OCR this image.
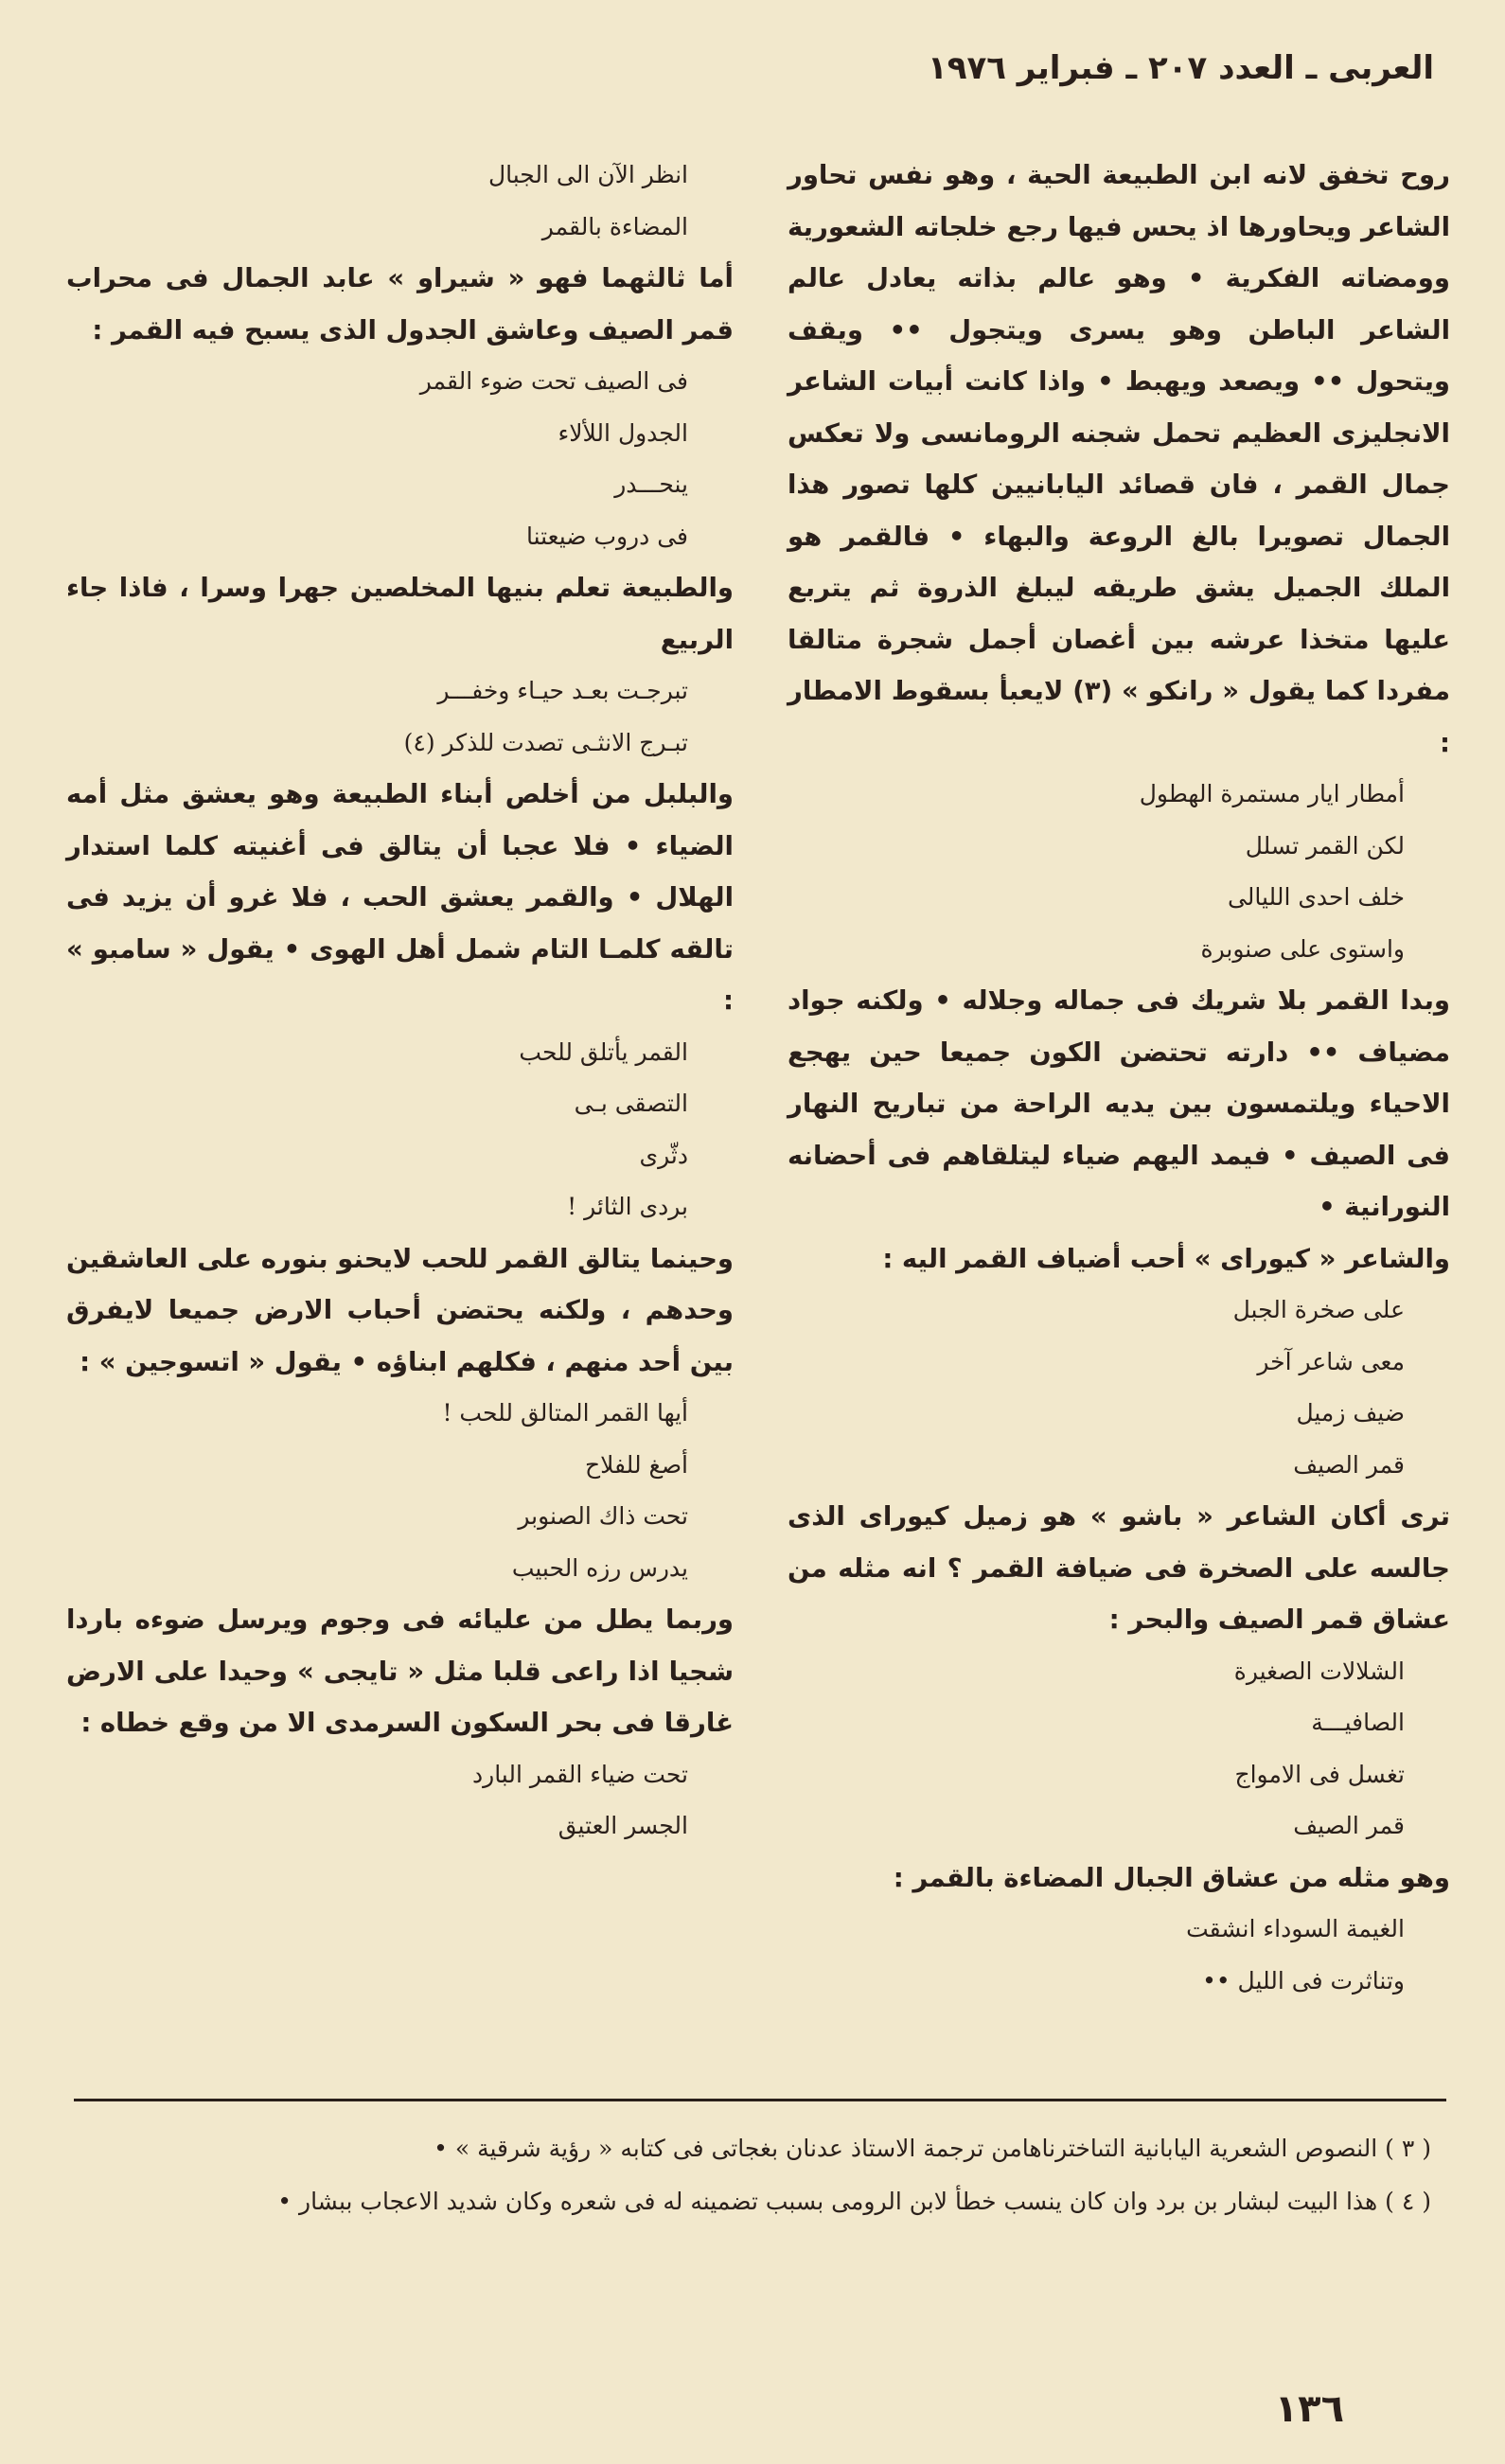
العربى ـ العدد ٢٠٧ ـ فبراير ١٩٧٦

روح تخفق لانه ابن الطبيعة الحية ، وهو نفس تحاور الشاعر ويحاورها اذ يحس فيها رجع خلجاته الشعورية وومضاته الفكرية • وهو عالم بذاته يعادل عالم الشاعر الباطن وهو يسرى ويتجول •• ويقف ويتحول •• ويصعد ويهبط • واذا كانت أبيات الشاعر الانجليزى العظيم تحمل شجنه الرومانسى ولا تعكس جمال القمر ، فان قصائد اليابانيين كلها تصور هذا الجمال تصويرا بالغ الروعة والبهاء • فالقمر هو الملك الجميل يشق طريقه ليبلغ الذروة ثم يتربع عليها متخذا عرشه بين أغصان أجمل شجرة متالقا مفردا كما يقول « رانكو » (٣) لايعبأ بسقوط الامطار :

أمطار ايار مستمرة الهطول

لكن القمر تسلل

خلف احدى الليالى

واستوى على صنوبرة

وبدا القمر بلا شريك فى جماله وجلاله • ولكنه جواد مضياف •• دارته تحتضن الكون جميعا حين يهجع الاحياء ويلتمسون بين يديه الراحة من تباريح النهار فى الصيف • فيمد اليهم ضياء ليتلقاهم فى أحضانه النورانية •

والشاعر « كيوراى » أحب أضياف القمر اليه :

على صخرة الجبل

معى شاعر آخر

ضيف زميل

قمر الصيف

ترى أكان الشاعر « باشو » هو زميل كيوراى الذى جالسه على الصخرة فى ضيافة القمر ؟ انه مثله من عشاق قمر الصيف والبحر :

الشلالات الصغيرة

الصافيـــة

تغسل فى الامواج

قمر الصيف

وهو مثله من عشاق الجبال المضاءة بالقمر :

الغيمة السوداء انشقت

وتناثرت فى الليل ••

انظر الآن الى الجبال

المضاءة بالقمر

أما ثالثهما فهو « شيراو » عابد الجمال فى محراب قمر الصيف وعاشق الجدول الذى يسبح فيه القمر :

فى الصيف تحت ضوء القمر

الجدول اللألاء

ينحـــدر

فى دروب ضيعتنا

والطبيعة تعلم بنيها المخلصين جهرا وسرا ، فاذا جاء الربيع

تبرجـت بعـد حيـاء وخفـــر

تبـرج الانثـى تصدت للذكر (٤)

والبلبل من أخلص أبناء الطبيعة وهو يعشق مثل أمه الضياء • فلا عجبا أن يتالق فى أغنيته كلما استدار الهلال • والقمر يعشق الحب ، فلا غرو أن يزيد فى تالقه كلمـا التام شمل أهل الهوى • يقول « سامبو » :

القمر يأتلق للحب

التصقى بـى

دثّرى

بردى الثائر !

وحينما يتالق القمر للحب لايحنو بنوره على العاشقين وحدهم ، ولكنه يحتضن أحباب الارض جميعا لايفرق بين أحد منهم ، فكلهم ابناؤه • يقول « اتسوجين » :

أيها القمر المتالق للحب !

أصغ للفلاح

تحت ذاك الصنوبر

يدرس رزه الحبيب

وربما يطل من عليائه فى وجوم ويرسل ضوءه باردا شجيا اذا راعى قلبا مثل « تايجى » وحيدا على الارض غارقا فى بحر السكون السرمدى الا من وقع خطاه :

تحت ضياء القمر البارد

الجسر العتيق

( ٣ ) النصوص الشعرية اليابانية التىاخترناهامن ترجمة الاستاذ عدنان بغجاتى فى كتابه « رؤية شرقية » •

( ٤ ) هذا البيت لبشار بن برد وان كان ينسب خطأ لابن الرومى بسبب تضمينه له فى شعره وكان شديد الاعجاب ببشار •

١٣٦
